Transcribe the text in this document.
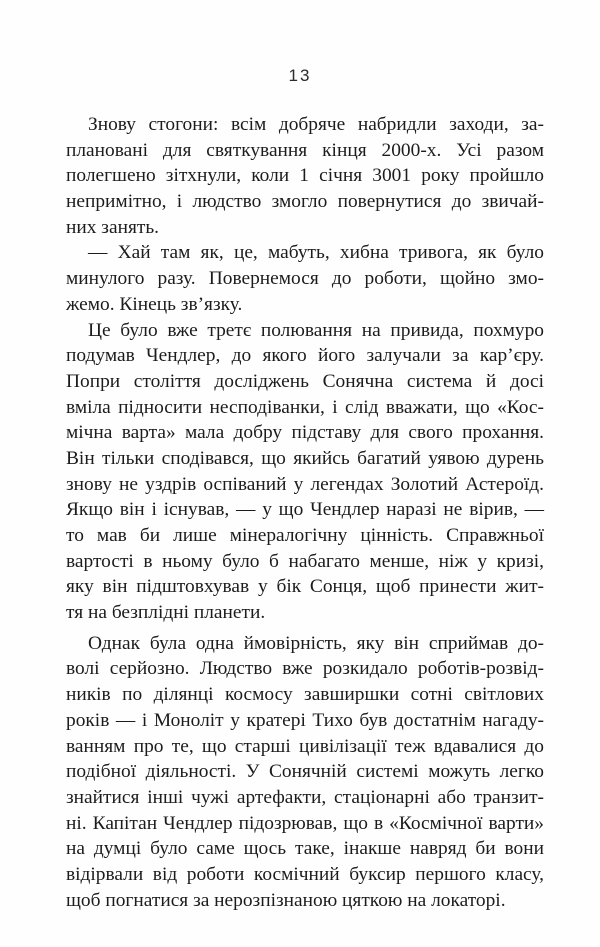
13
Знову стогони: всім добряче набридли заходи, за-
плановані для святкування кінця 2000-х. Усі разом
полегшено зітхнули, коли 1 січня 3001 року пройшло
непримітно, і людство змогло повернутися до звичай-
них занять.
— Хай там як, це, мабуть, хибна тривога, як було
минулого разу. Повернемося до роботи, щойно змо-
жемо. Кінець зв’язку.
Це було вже третє полювання на привида, похмуро
подумав Чендлер, до якого його залучали за кар’єру.
Попри століття досліджень Сонячна система й досі
вміла підносити несподіванки, і слід вважати, що «Кос-
мічна варта» мала добру підставу для свого прохання.
Він тільки сподівався, що якийсь багатий уявою дурень
знову не уздрів оспіваний у легендах Золотий Астероїд.
Якщо він і існував, — у що Чендлер наразі не вірив, —
то мав би лише мінералогічну цінність. Справжньої
вартості в ньому було б набагато менше, ніж у кризі,
яку він підштовхував у бік Сонця, щоб принести жит-
тя на безплідні планети.
Однак була одна ймовірність, яку він сприймав до-
волі серйозно. Людство вже розкидало роботів-розвід-
ників по ділянці космосу завширшки сотні світлових
років — і Моноліт у кратері Тихо був достатнім нагаду-
ванням про те, що старші цивілізації теж вдавалися до
подібної діяльності. У Сонячній системі можуть легко
знайтися інші чужі артефакти, стаціонарні або транзит-
ні. Капітан Чендлер підозрював, що в «Космічної варти»
на думці було саме щось таке, інакше навряд би вони
відірвали від роботи космічний буксир першого класу,
щоб погнатися за нерозпізнаною цяткою на локаторі.
